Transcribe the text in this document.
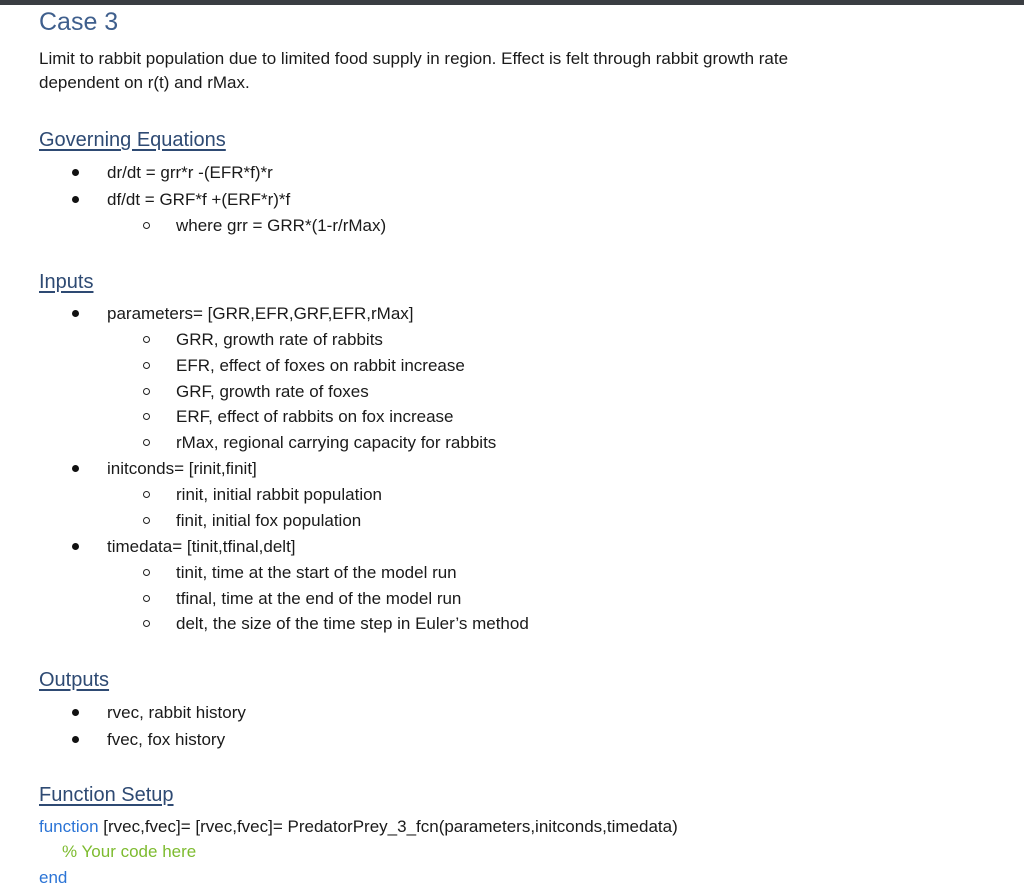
Case 3
Limit to rabbit population due to limited food supply in region. Effect is felt through rabbit growth rate
dependent on r(t) and rMax.
Governing Equations
dr/dt = grr*r -(EFR*f)*r
df/dt = GRF*f +(ERF*r)*f
where grr = GRR*(1-r/rMax)
Inputs
parameters= [GRR,EFR,GRF,EFR,rMax]
GRR, growth rate of rabbits
EFR, effect of foxes on rabbit increase
GRF, growth rate of foxes
ERF, effect of rabbits on fox increase
rMax, regional carrying capacity for rabbits
initconds= [rinit,finit]
rinit, initial rabbit population
finit, initial fox population
timedata= [tinit,tfinal,delt]
tinit, time at the start of the model run
tfinal, time at the end of the model run
delt, the size of the time step in Euler’s method
Outputs
rvec, rabbit history
fvec, fox history
Function Setup
function [rvec,fvec]= [rvec,fvec]= PredatorPrey_3_fcn(parameters,initconds,timedata)
% Your code here
end
